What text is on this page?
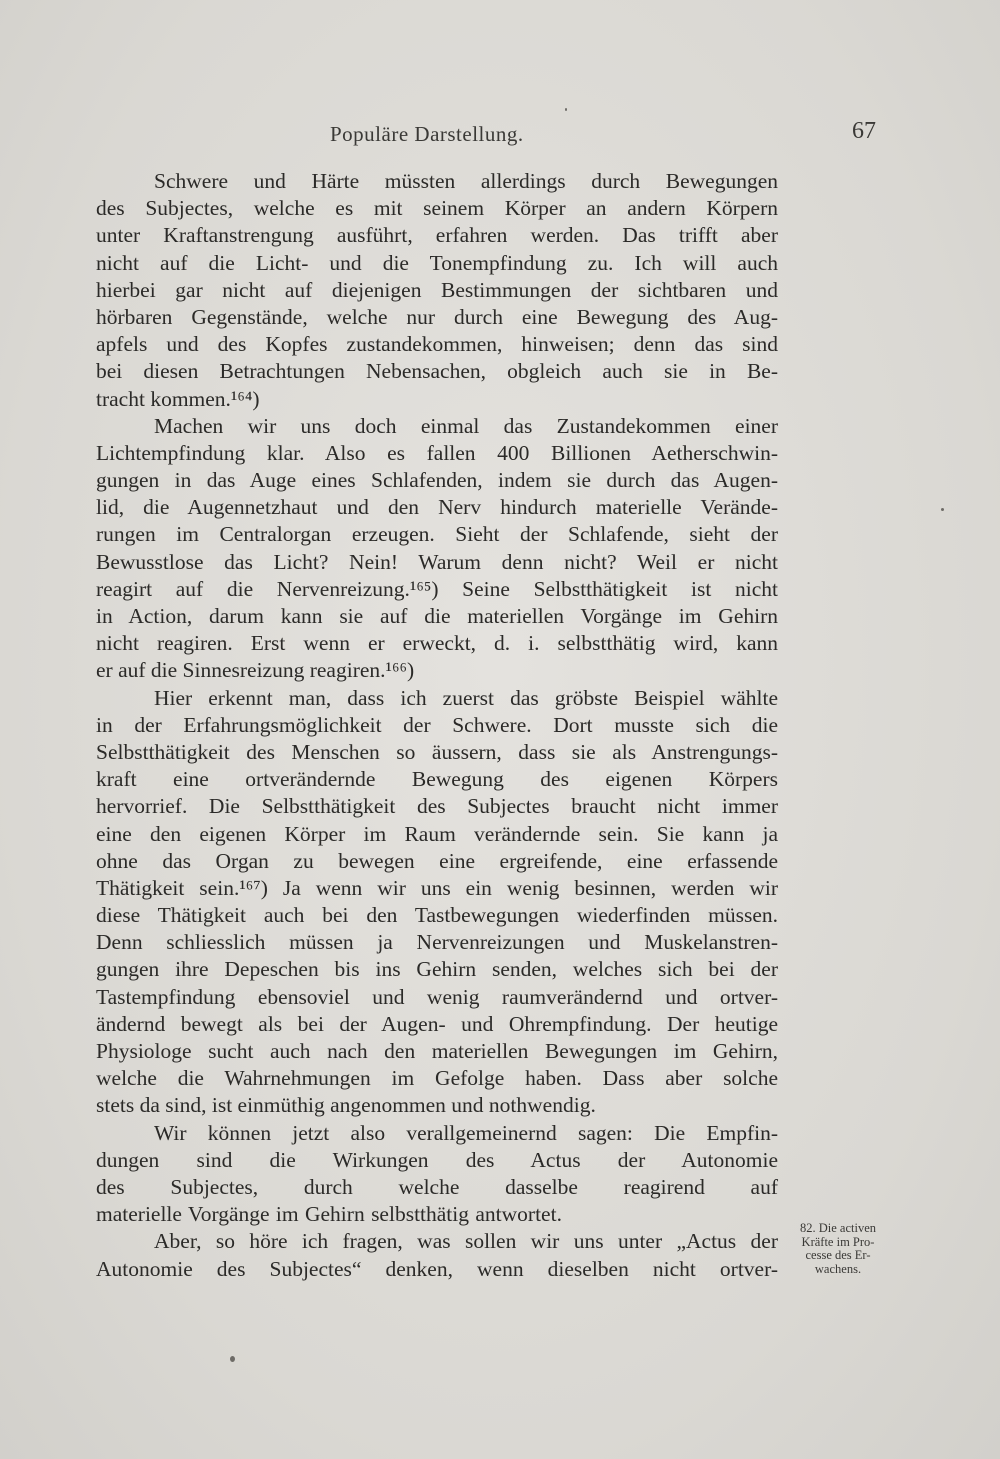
Populäre Darstellung.	67
Schwere und Härte müssten allerdings durch Bewegungen
des Subjectes, welche es mit seinem Körper an andern Körpern
unter Kraftanstrengung ausführt, erfahren werden. Das trifft aber
nicht auf die Licht- und die Tonempfindung zu. Ich will auch
hierbei gar nicht auf diejenigen Bestimmungen der sichtbaren und
hörbaren Gegenstände, welche nur durch eine Bewegung des Aug-
apfels und des Kopfes zustandekommen, hinweisen; denn das sind
bei diesen Betrachtungen Nebensachen, obgleich auch sie in Be-
tracht kommen.¹⁶⁴)
Machen wir uns doch einmal das Zustandekommen einer
Lichtempfindung klar. Also es fallen 400 Billionen Aetherschwin-
gungen in das Auge eines Schlafenden, indem sie durch das Augen-
lid, die Augennetzhaut und den Nerv hindurch materielle Verände-
rungen im Centralorgan erzeugen. Sieht der Schlafende, sieht der
Bewusstlose das Licht? Nein! Warum denn nicht? Weil er nicht
reagirt auf die Nervenreizung.¹⁶⁵) Seine Selbstthätigkeit ist nicht
in Action, darum kann sie auf die materiellen Vorgänge im Gehirn
nicht reagiren. Erst wenn er erweckt, d. i. selbstthätig wird, kann
er auf die Sinnesreizung reagiren.¹⁶⁶)
Hier erkennt man, dass ich zuerst das gröbste Beispiel wählte
in der Erfahrungsmöglichkeit der Schwere. Dort musste sich die
Selbstthätigkeit des Menschen so äussern, dass sie als Anstrengungs-
kraft eine ortverändernde Bewegung des eigenen Körpers
hervorrief. Die Selbstthätigkeit des Subjectes braucht nicht immer
eine den eigenen Körper im Raum verändernde sein. Sie kann ja
ohne das Organ zu bewegen eine ergreifende, eine erfassende
Thätigkeit sein.¹⁶⁷) Ja wenn wir uns ein wenig besinnen, werden wir
diese Thätigkeit auch bei den Tastbewegungen wiederfinden müssen.
Denn schliesslich müssen ja Nervenreizungen und Muskelanstren-
gungen ihre Depeschen bis ins Gehirn senden, welches sich bei der
Tastempfindung ebensoviel und wenig raumverändernd und ortver-
ändernd bewegt als bei der Augen- und Ohrempfindung. Der heutige
Physiologe sucht auch nach den materiellen Bewegungen im Gehirn,
welche die Wahrnehmungen im Gefolge haben. Dass aber solche
stets da sind, ist einmüthig angenommen und nothwendig.
Wir können jetzt also verallgemeinernd sagen: Die Empfin-
dungen sind die Wirkungen des Actus der Autonomie
des Subjectes, durch welche dasselbe reagirend auf
materielle Vorgänge im Gehirn selbstthätig antwortet.
Aber, so höre ich fragen, was sollen wir uns unter „Actus der
Autonomie des Subjectes“ denken, wenn dieselben nicht ortver-
82. Die activen
Kräfte im Pro-
cesse des Er-
wachens.
